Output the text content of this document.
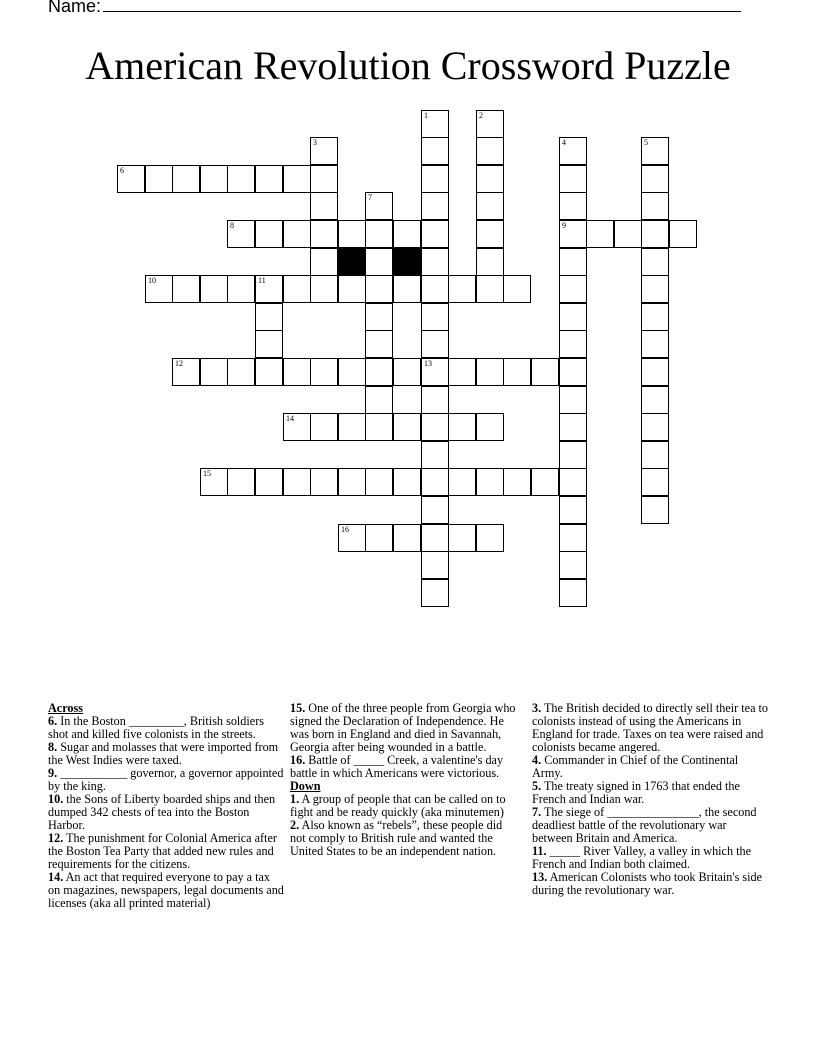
Name:
American Revolution Crossword Puzzle
6
8	9
10	11
12	13
14
15
16
1	2
3	4	5
7

Across

6. In the Boston _________, British soldiers shot and killed five colonists in the streets.

8. Sugar and molasses that were imported from the West Indies were taxed.

9. ___________ governor, a governor appointed by the king.

10. the Sons of Liberty boarded ships and then dumped 342 chests of tea into the Boston Harbor.

12. The punishment for Colonial America after the Boston Tea Party that added new rules and requirements for the citizens.

14. An act that required everyone to pay a tax on magazines, newspapers, legal documents and licenses (aka all printed material)

15. One of the three people from Georgia who signed the Declaration of Independence. He was born in England and died in Savannah, Georgia after being wounded in a battle.

16. Battle of _____ Creek, a valentine's day battle in which Americans were victorious.

Down

1. A group of people that can be called on to fight and be ready quickly (aka minutemen)

2. Also known as “rebels”, these people did not comply to British rule and wanted the United States to be an independent nation.

3. The British decided to directly sell their tea to colonists instead of using the Americans in England for trade. Taxes on tea were raised and colonists became angered.

4. Commander in Chief of the Continental Army.

5. The treaty signed in 1763 that ended the French and Indian war.

7. The siege of _______________, the second deadliest battle of the revolutionary war between Britain and America.

11. _____ River Valley, a valley in which the French and Indian both claimed.

13. American Colonists who took Britain's side during the revolutionary war.
